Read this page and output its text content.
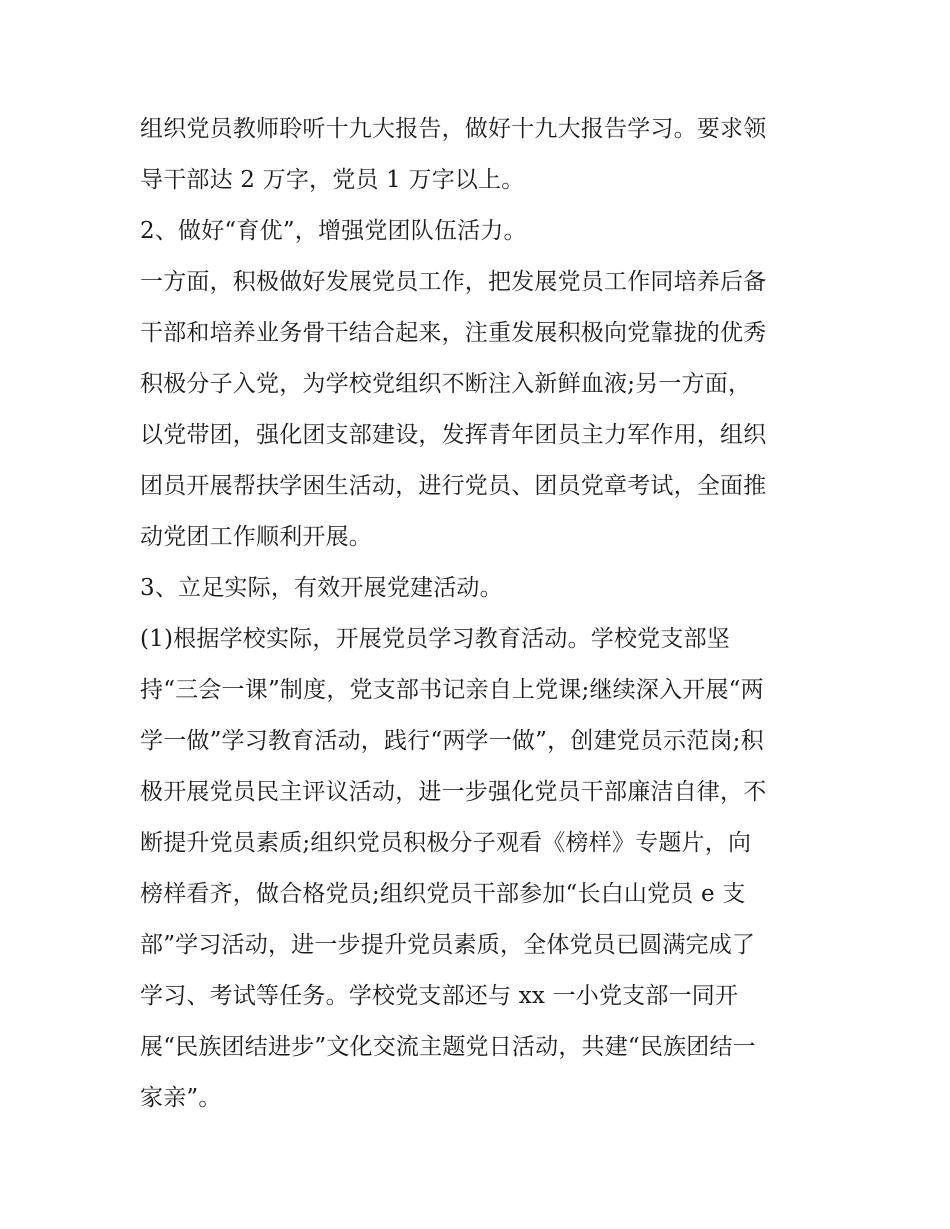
组织党员教师聆听十九大报告，做好十九大报告学习。要求领
导干部达 2 万字，党员 1 万字以上。
2、做好“育优”，增强党团队伍活力。
一方面，积极做好发展党员工作，把发展党员工作同培养后备
干部和培养业务骨干结合起来，注重发展积极向党靠拢的优秀
积极分子入党，为学校党组织不断注入新鲜血液;另一方面，
以党带团，强化团支部建设，发挥青年团员主力军作用，组织
团员开展帮扶学困生活动，进行党员、团员党章考试，全面推
动党团工作顺利开展。
3、立足实际，有效开展党建活动。
(1)根据学校实际，开展党员学习教育活动。学校党支部坚
持“三会一课”制度，党支部书记亲自上党课;继续深入开展“两
学一做”学习教育活动，践行“两学一做”，创建党员示范岗;积
极开展党员民主评议活动，进一步强化党员干部廉洁自律，不
断提升党员素质;组织党员积极分子观看《榜样》专题片，向
榜样看齐，做合格党员;组织党员干部参加“长白山党员 e 支
部”学习活动，进一步提升党员素质，全体党员已圆满完成了
学习、考试等任务。学校党支部还与 xx 一小党支部一同开
展“民族团结进步”文化交流主题党日活动，共建“民族团结一
家亲”。
